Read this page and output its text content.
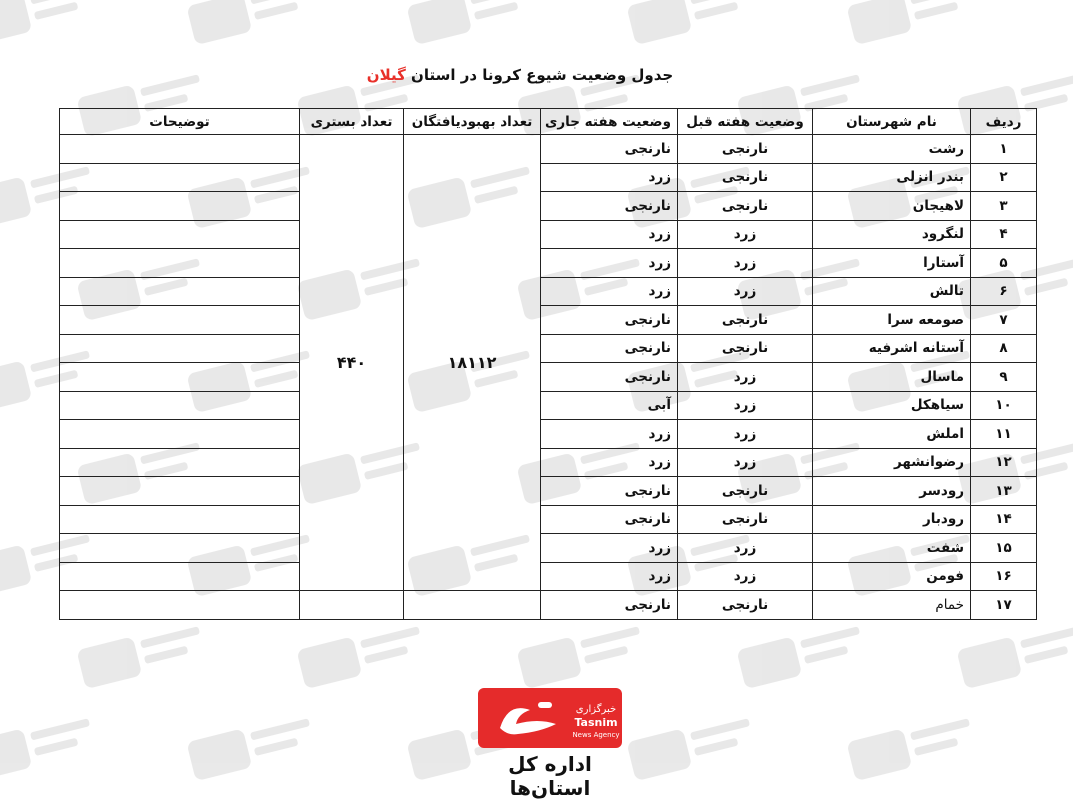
جدول وضعیت شیوع کرونا در استان گیلان
ردیف	نام شهرستان	وضعیت هفته قبل	وضعیت هفته جاری	تعداد بهبودیافتگان	تعداد بستری	توضیحات
۱	رشت	نارنجی	نارنجی	۱۸۱۱۲	۴۴۰	
۲	بندر انزلی	نارنجی	زرد			
۳	لاهیجان	نارنجی	نارنجی			
۴	لنگرود	زرد	زرد			
۵	آستارا	زرد	زرد			
۶	تالش	زرد	زرد			
۷	صومعه سرا	نارنجی	نارنجی			
۸	آستانه اشرفیه	نارنجی	نارنجی			
۹	ماسال	زرد	نارنجی			
۱۰	سیاهکل	زرد	آبی			
۱۱	املش	زرد	زرد			
۱۲	رضوانشهر	زرد	زرد			
۱۳	رودسر	نارنجی	نارنجی			
۱۴	رودبار	نارنجی	نارنجی			
۱۵	شفت	زرد	زرد			
۱۶	فومن	زرد	زرد			
۱۷	خمام	نارنجی	نارنجی			
خبرگزاری
Tasnim
News Agency
اداره کل استان‌ها
